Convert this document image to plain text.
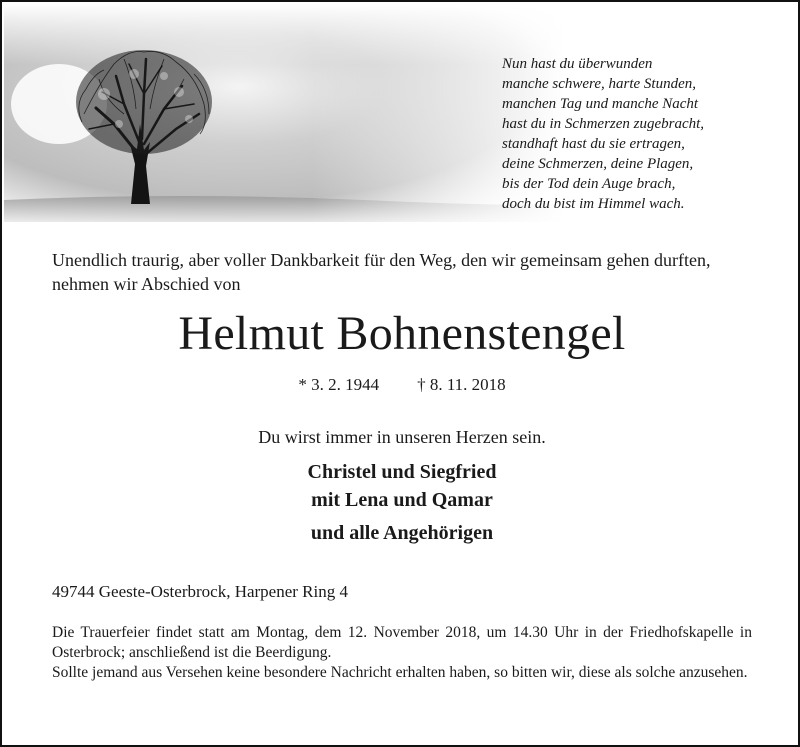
Nun hast du überwunden
manche schwere, harte Stunden,
manchen Tag und manche Nacht
hast du in Schmerzen zugebracht,
standhaft hast du sie ertragen,
deine Schmerzen, deine Plagen,
bis der Tod dein Auge brach,
doch du bist im Himmel wach.
Unendlich traurig, aber voller Dankbarkeit für den Weg, den wir gemeinsam gehen durften, nehmen wir Abschied von
Helmut Bohnenstengel
* 3. 2. 1944 † 8. 11. 2018
Du wirst immer in unseren Herzen sein.
Christel und Siegfried
mit Lena und Qamar
und alle Angehörigen
49744 Geeste-Osterbrock, Harpener Ring 4

Die Trauerfeier findet statt am Montag, dem 12. November 2018, um 14.30 Uhr in der Friedhofskapelle in Osterbrock; anschließend ist die Beerdigung.

Sollte jemand aus Versehen keine besondere Nachricht erhalten haben, so bitten wir, diese als solche anzusehen.
